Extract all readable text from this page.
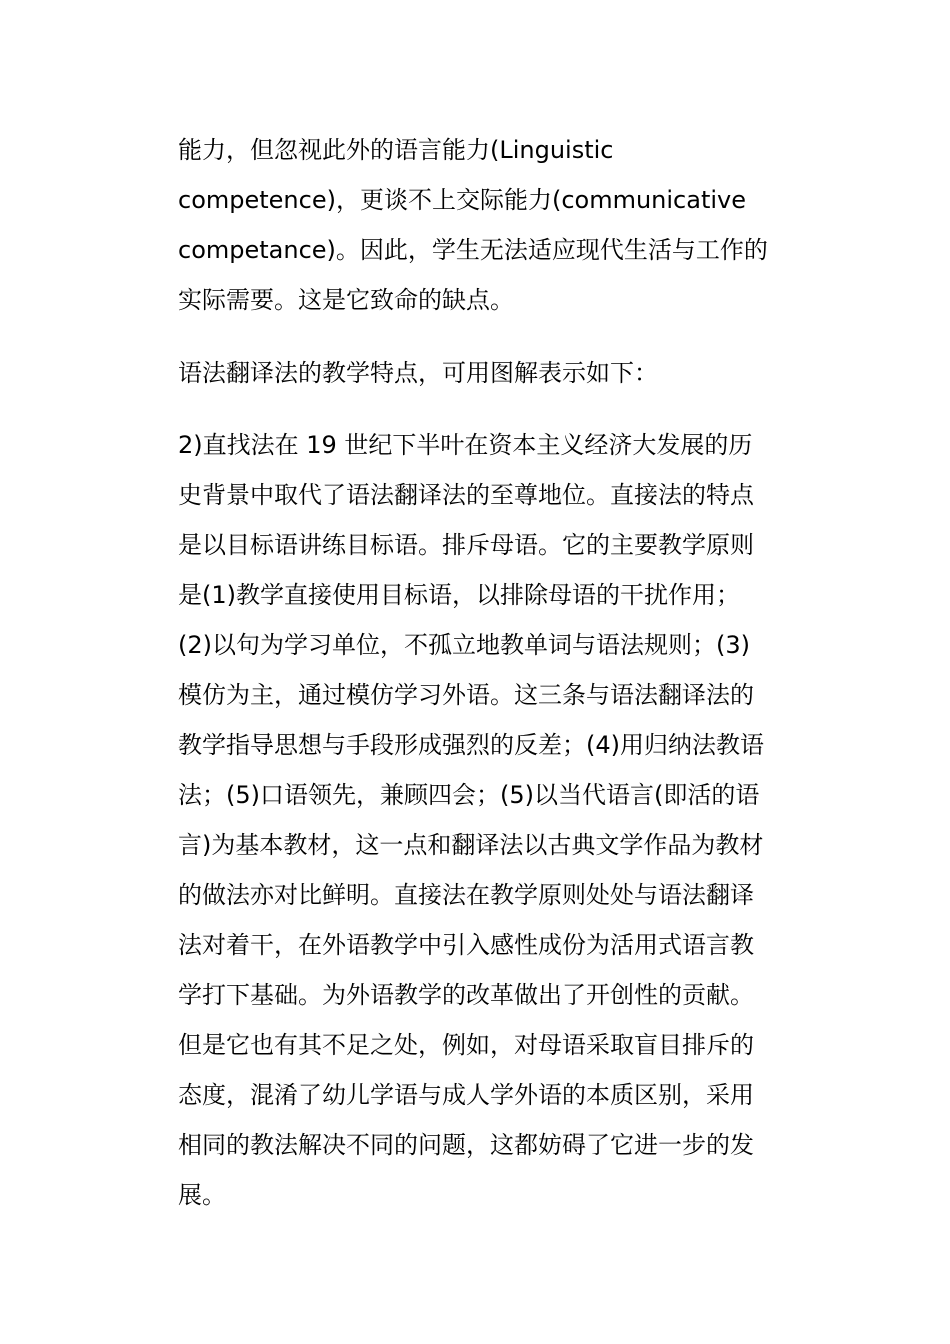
能力，但忽视此外的语言能力(Linguistic
competence)，更谈不上交际能力(communicative
competance)。因此，学生无法适应现代生活与工作的
实际需要。这是它致命的缺点。

语法翻译法的教学特点，可用图解表示如下：

2)直找法在 19 世纪下半叶在资本主义经济大发展的历
史背景中取代了语法翻译法的至尊地位。直接法的特点
是以目标语讲练目标语。排斥母语。它的主要教学原则
是(1)教学直接使用目标语，以排除母语的干扰作用；
(2)以句为学习单位，不孤立地教单词与语法规则；(3)
模仿为主，通过模仿学习外语。这三条与语法翻译法的
教学指导思想与手段形成强烈的反差；(4)用归纳法教语
法；(5)口语领先，兼顾四会；(5)以当代语言(即活的语
言)为基本教材，这一点和翻译法以古典文学作品为教材
的做法亦对比鲜明。直接法在教学原则处处与语法翻译
法对着干，在外语教学中引入感性成份为活用式语言教
学打下基础。为外语教学的改革做出了开创性的贡献。
但是它也有其不足之处，例如，对母语采取盲目排斥的
态度，混淆了幼儿学语与成人学外语的本质区别，采用
相同的教法解决不同的问题，这都妨碍了它进一步的发
展。
